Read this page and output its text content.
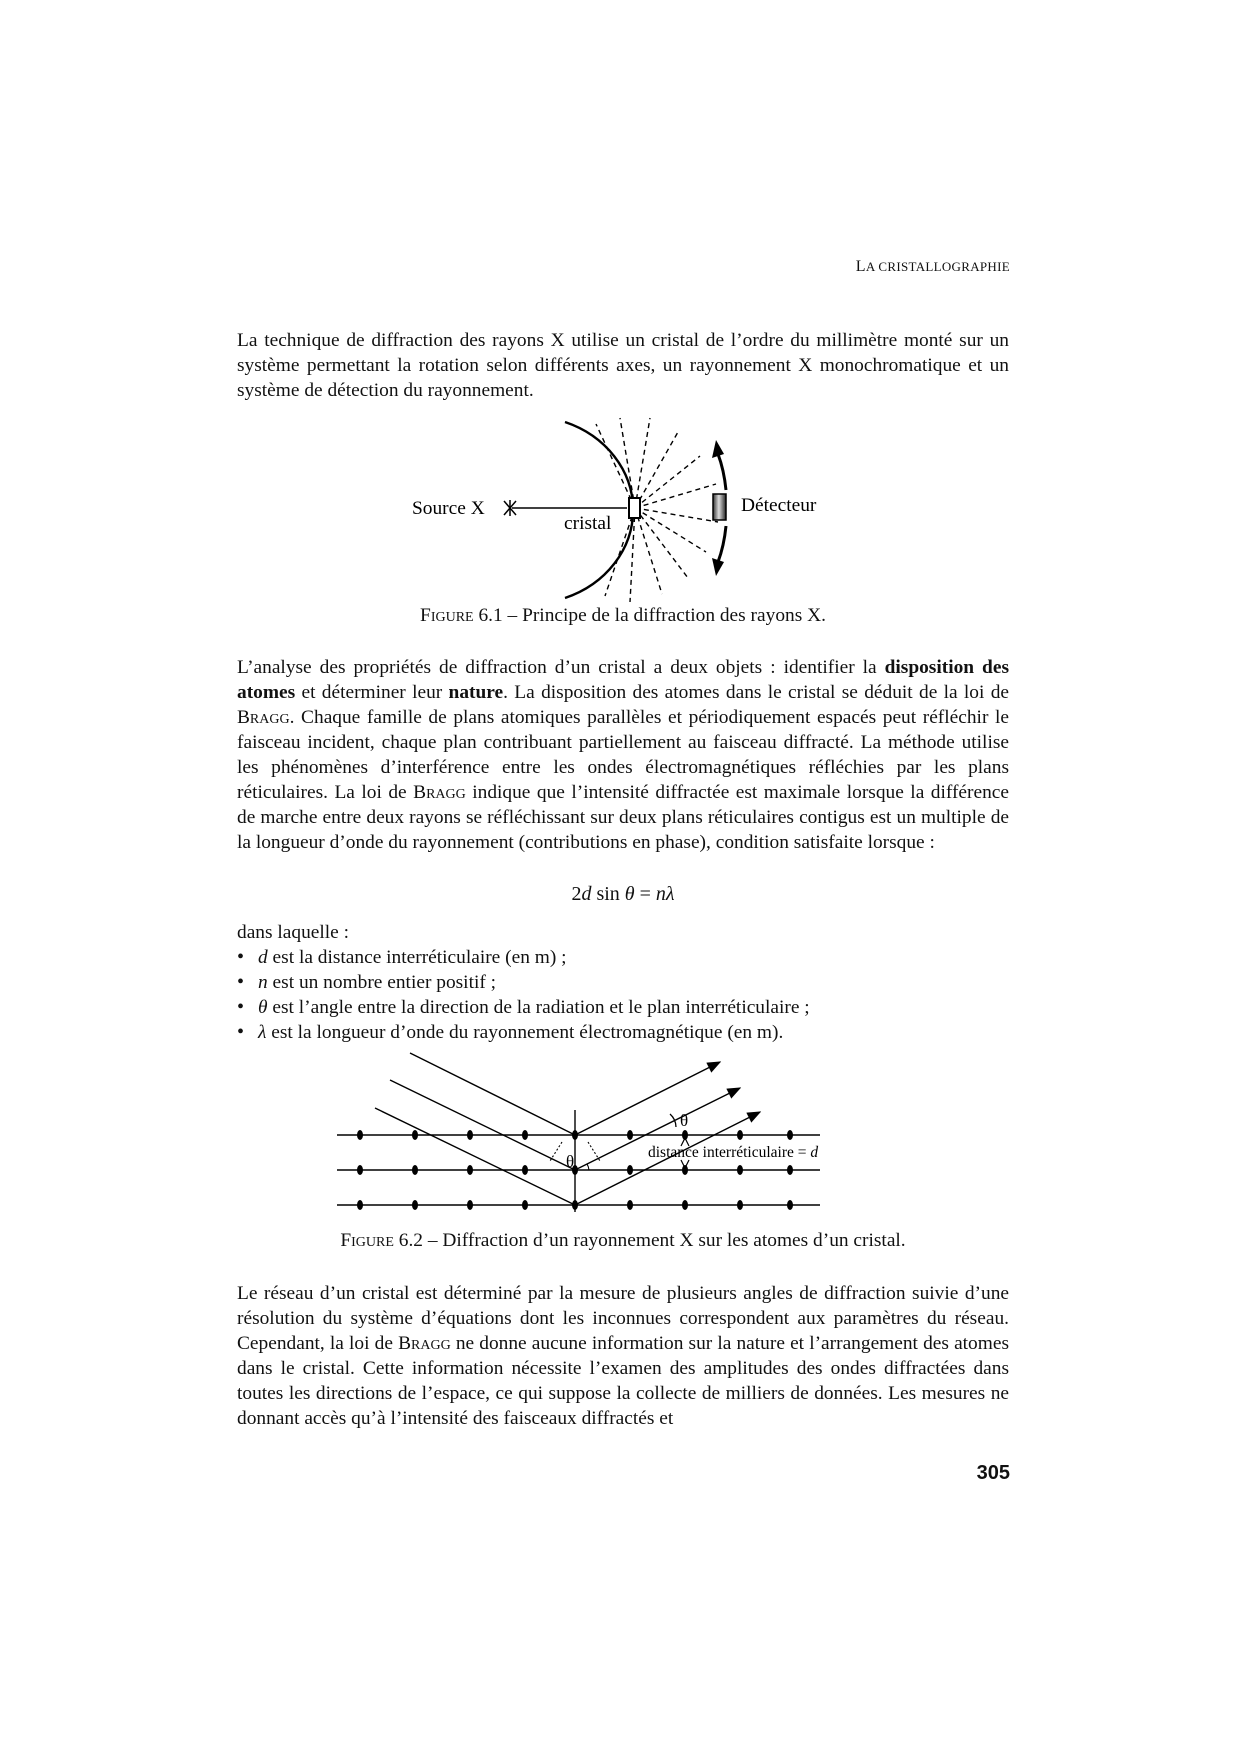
LA CRISTALLOGRAPHIE

La technique de diffraction des rayons X utilise un cristal de l’ordre du millimètre monté sur un système permettant la rotation selon différents axes, un rayonnement X monochromatique et un système de détection du rayonnement.

Source X
cristal
Détecteur
Figure 6.1 – Principe de la diffraction des rayons X.

L’analyse des propriétés de diffraction d’un cristal a deux objets : identifier la disposition des atomes et déterminer leur nature. La disposition des atomes dans le cristal se déduit de la loi de Bragg. Chaque famille de plans atomiques parallèles et périodiquement espacés peut réfléchir le faisceau incident, chaque plan contribuant partiellement au faisceau diffracté. La méthode utilise les phénomènes d’interférence entre les ondes électromagnétiques réfléchies par les plans réticulaires. La loi de Bragg indique que l’intensité diffractée est maximale lorsque la différence de marche entre deux rayons se réfléchissant sur deux plans réticulaires contigus est un multiple de la longueur d’onde du rayonnement (contributions en phase), condition satisfaite lorsque :

2d sin θ = nλ
dans laquelle :
• d est la distance interréticulaire (en m) ;
• n est un nombre entier positif ;
• θ est l’angle entre la direction de la radiation et le plan interréticulaire ;
• λ est la longueur d’onde du rayonnement électromagnétique (en m).
θ
θ	distance interréticulaire = d
Figure 6.2 – Diffraction d’un rayonnement X sur les atomes d’un cristal.

Le réseau d’un cristal est déterminé par la mesure de plusieurs angles de diffraction suivie d’une résolution du système d’équations dont les inconnues correspondent aux paramètres du réseau. Cependant, la loi de Bragg ne donne aucune information sur la nature et l’arrangement des atomes dans le cristal. Cette information nécessite l’examen des amplitudes des ondes diffractées dans toutes les directions de l’espace, ce qui suppose la collecte de milliers de données. Les mesures ne donnant accès qu’à l’intensité des faisceaux diffractés et

305
